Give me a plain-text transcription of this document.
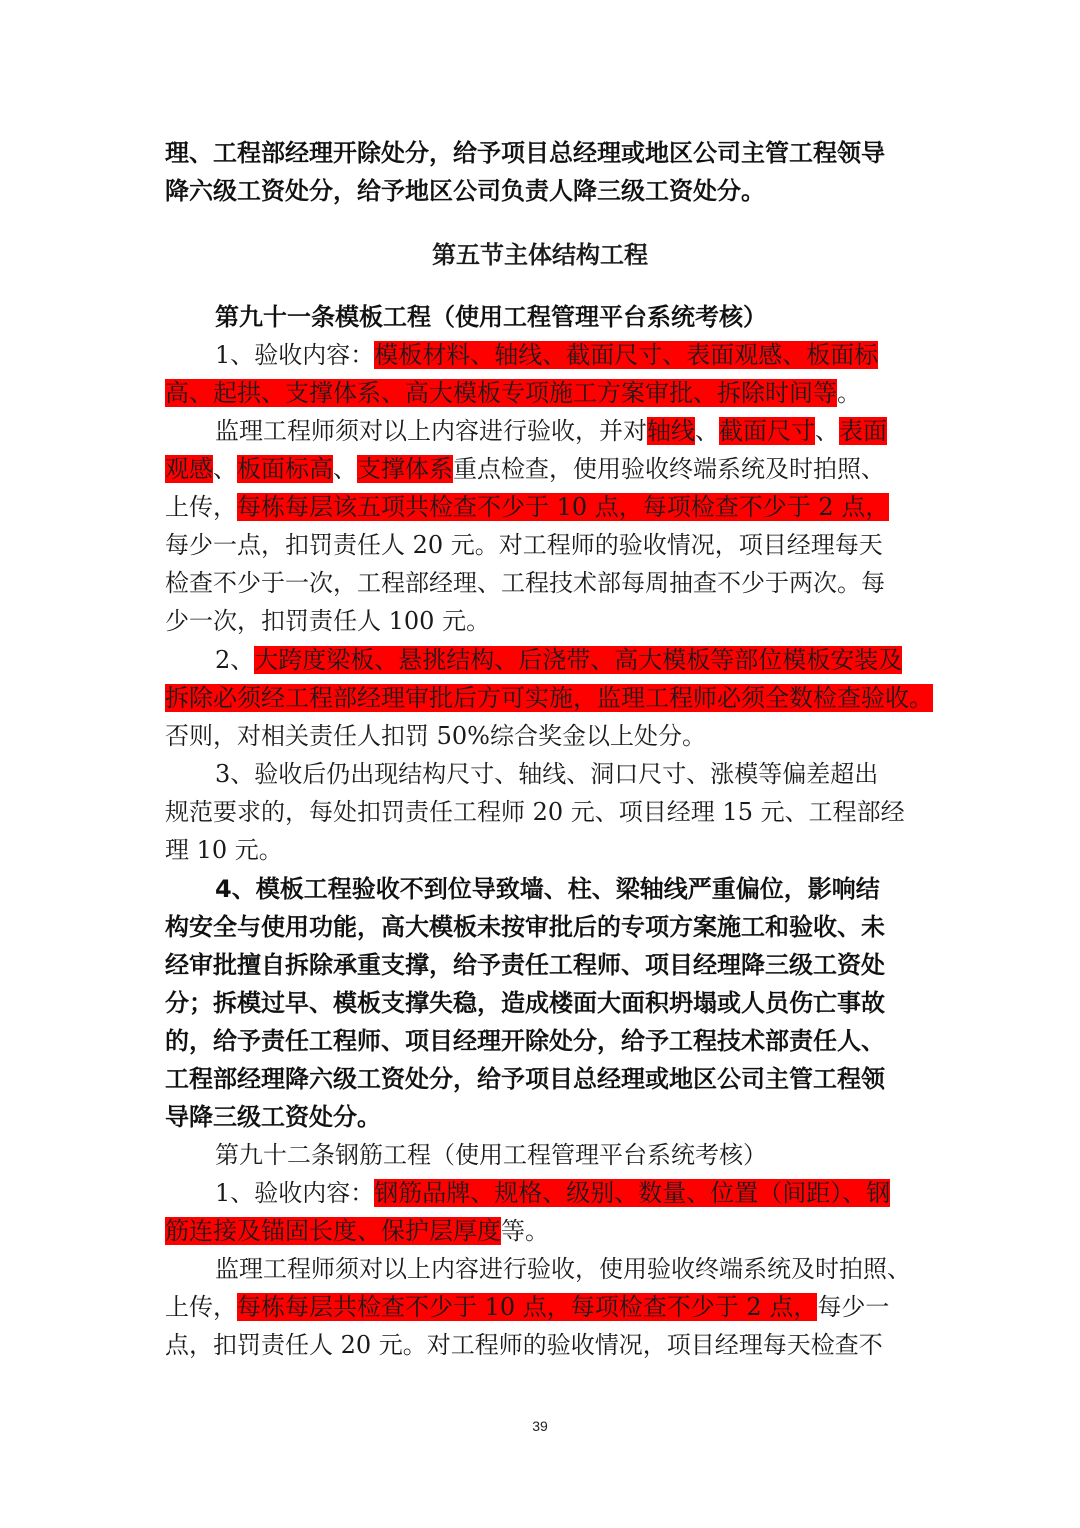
理、工程部经理开除处分，给予项目总经理或地区公司主管工程领导
降六级工资处分，给予地区公司负责人降三级工资处分。
第九十一条模板工程（使用工程管理平台系统考核）
1、验收内容：模板材料、轴线、截面尺寸、表面观感、板面标
高、起拱、支撑体系、高大模板专项施工方案审批、拆除时间等。
监理工程师须对以上内容进行验收，并对轴线、截面尺寸、表面
观感、板面标高、支撑体系重点检查，使用验收终端系统及时拍照、
上传，每栋每层该五项共检查不少于 10 点，每项检查不少于 2 点，
每少一点，扣罚责任人 20 元。对工程师的验收情况，项目经理每天
检查不少于一次，工程部经理、工程技术部每周抽查不少于两次。每
少一次，扣罚责任人 100 元。
2、大跨度梁板、悬挑结构、后浇带、高大模板等部位模板安装及
拆除必须经工程部经理审批后方可实施，监理工程师必须全数检查验收。
否则，对相关责任人扣罚 50%综合奖金以上处分。
3、验收后仍出现结构尺寸、轴线、洞口尺寸、涨模等偏差超出
规范要求的，每处扣罚责任工程师 20 元、项目经理 15 元、工程部经
理 10 元。
4、模板工程验收不到位导致墙、柱、梁轴线严重偏位，影响结
构安全与使用功能，高大模板未按审批后的专项方案施工和验收、未
经审批擅自拆除承重支撑，给予责任工程师、项目经理降三级工资处
分；拆模过早、模板支撑失稳，造成楼面大面积坍塌或人员伤亡事故
的，给予责任工程师、项目经理开除处分，给予工程技术部责任人、
工程部经理降六级工资处分，给予项目总经理或地区公司主管工程领
导降三级工资处分。
第九十二条钢筋工程（使用工程管理平台系统考核）
1、验收内容：钢筋品牌、规格、级别、数量、位置（间距）、钢
筋连接及锚固长度、保护层厚度等。
监理工程师须对以上内容进行验收，使用验收终端系统及时拍照、
上传，每栋每层共检查不少于 10 点，每项检查不少于 2 点，每少一
点，扣罚责任人 20 元。对工程师的验收情况，项目经理每天检查不
第五节主体结构工程
39
